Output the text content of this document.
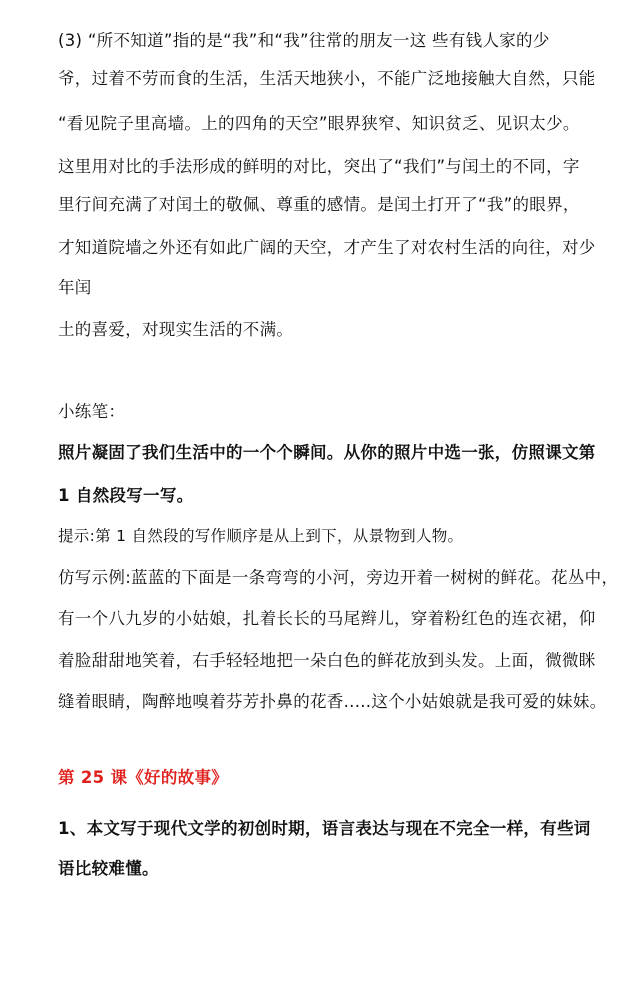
(3) “所不知道”指的是“我”和“我”往常的朋友一这 些有钱人家的少
爷，过着不劳而食的生活，生活天地狭小，不能广泛地接触大自然，只能
“看见院子里高墙。上的四角的天空”眼界狭窄、知识贫乏、见识太少。
这里用对比的手法形成的鲜明的对比，突出了“我们”与闰土的不同，字
里行间充满了对闰土的敬佩、尊重的感情。是闰土打开了“我”的眼界，
才知道院墙之外还有如此广阔的天空，才产生了对农村生活的向往，对少
年闰
土的喜爱，对现实生活的不满。
小练笔：
照片凝固了我们生活中的一个个瞬间。从你的照片中选一张，仿照课文第
1 自然段写一写。
提示:第 1 自然段的写作顺序是从上到下，从景物到人物。
仿写示例:蓝蓝的下面是一条弯弯的小河，旁边开着一树树的鲜花。花丛中，
有一个八九岁的小姑娘，扎着长长的马尾辫儿，穿着粉红色的连衣裙，仰
着脸甜甜地笑着，右手轻轻地把一朵白色的鲜花放到头发。上面，微微眯
缝着眼睛，陶醉地嗅着芬芳扑鼻的花香.....这个小姑娘就是我可爱的妹妹。
第 25 课《好的故事》
1、本文写于现代文学的初创时期，语言表达与现在不完全一样，有些词
语比较难懂。
